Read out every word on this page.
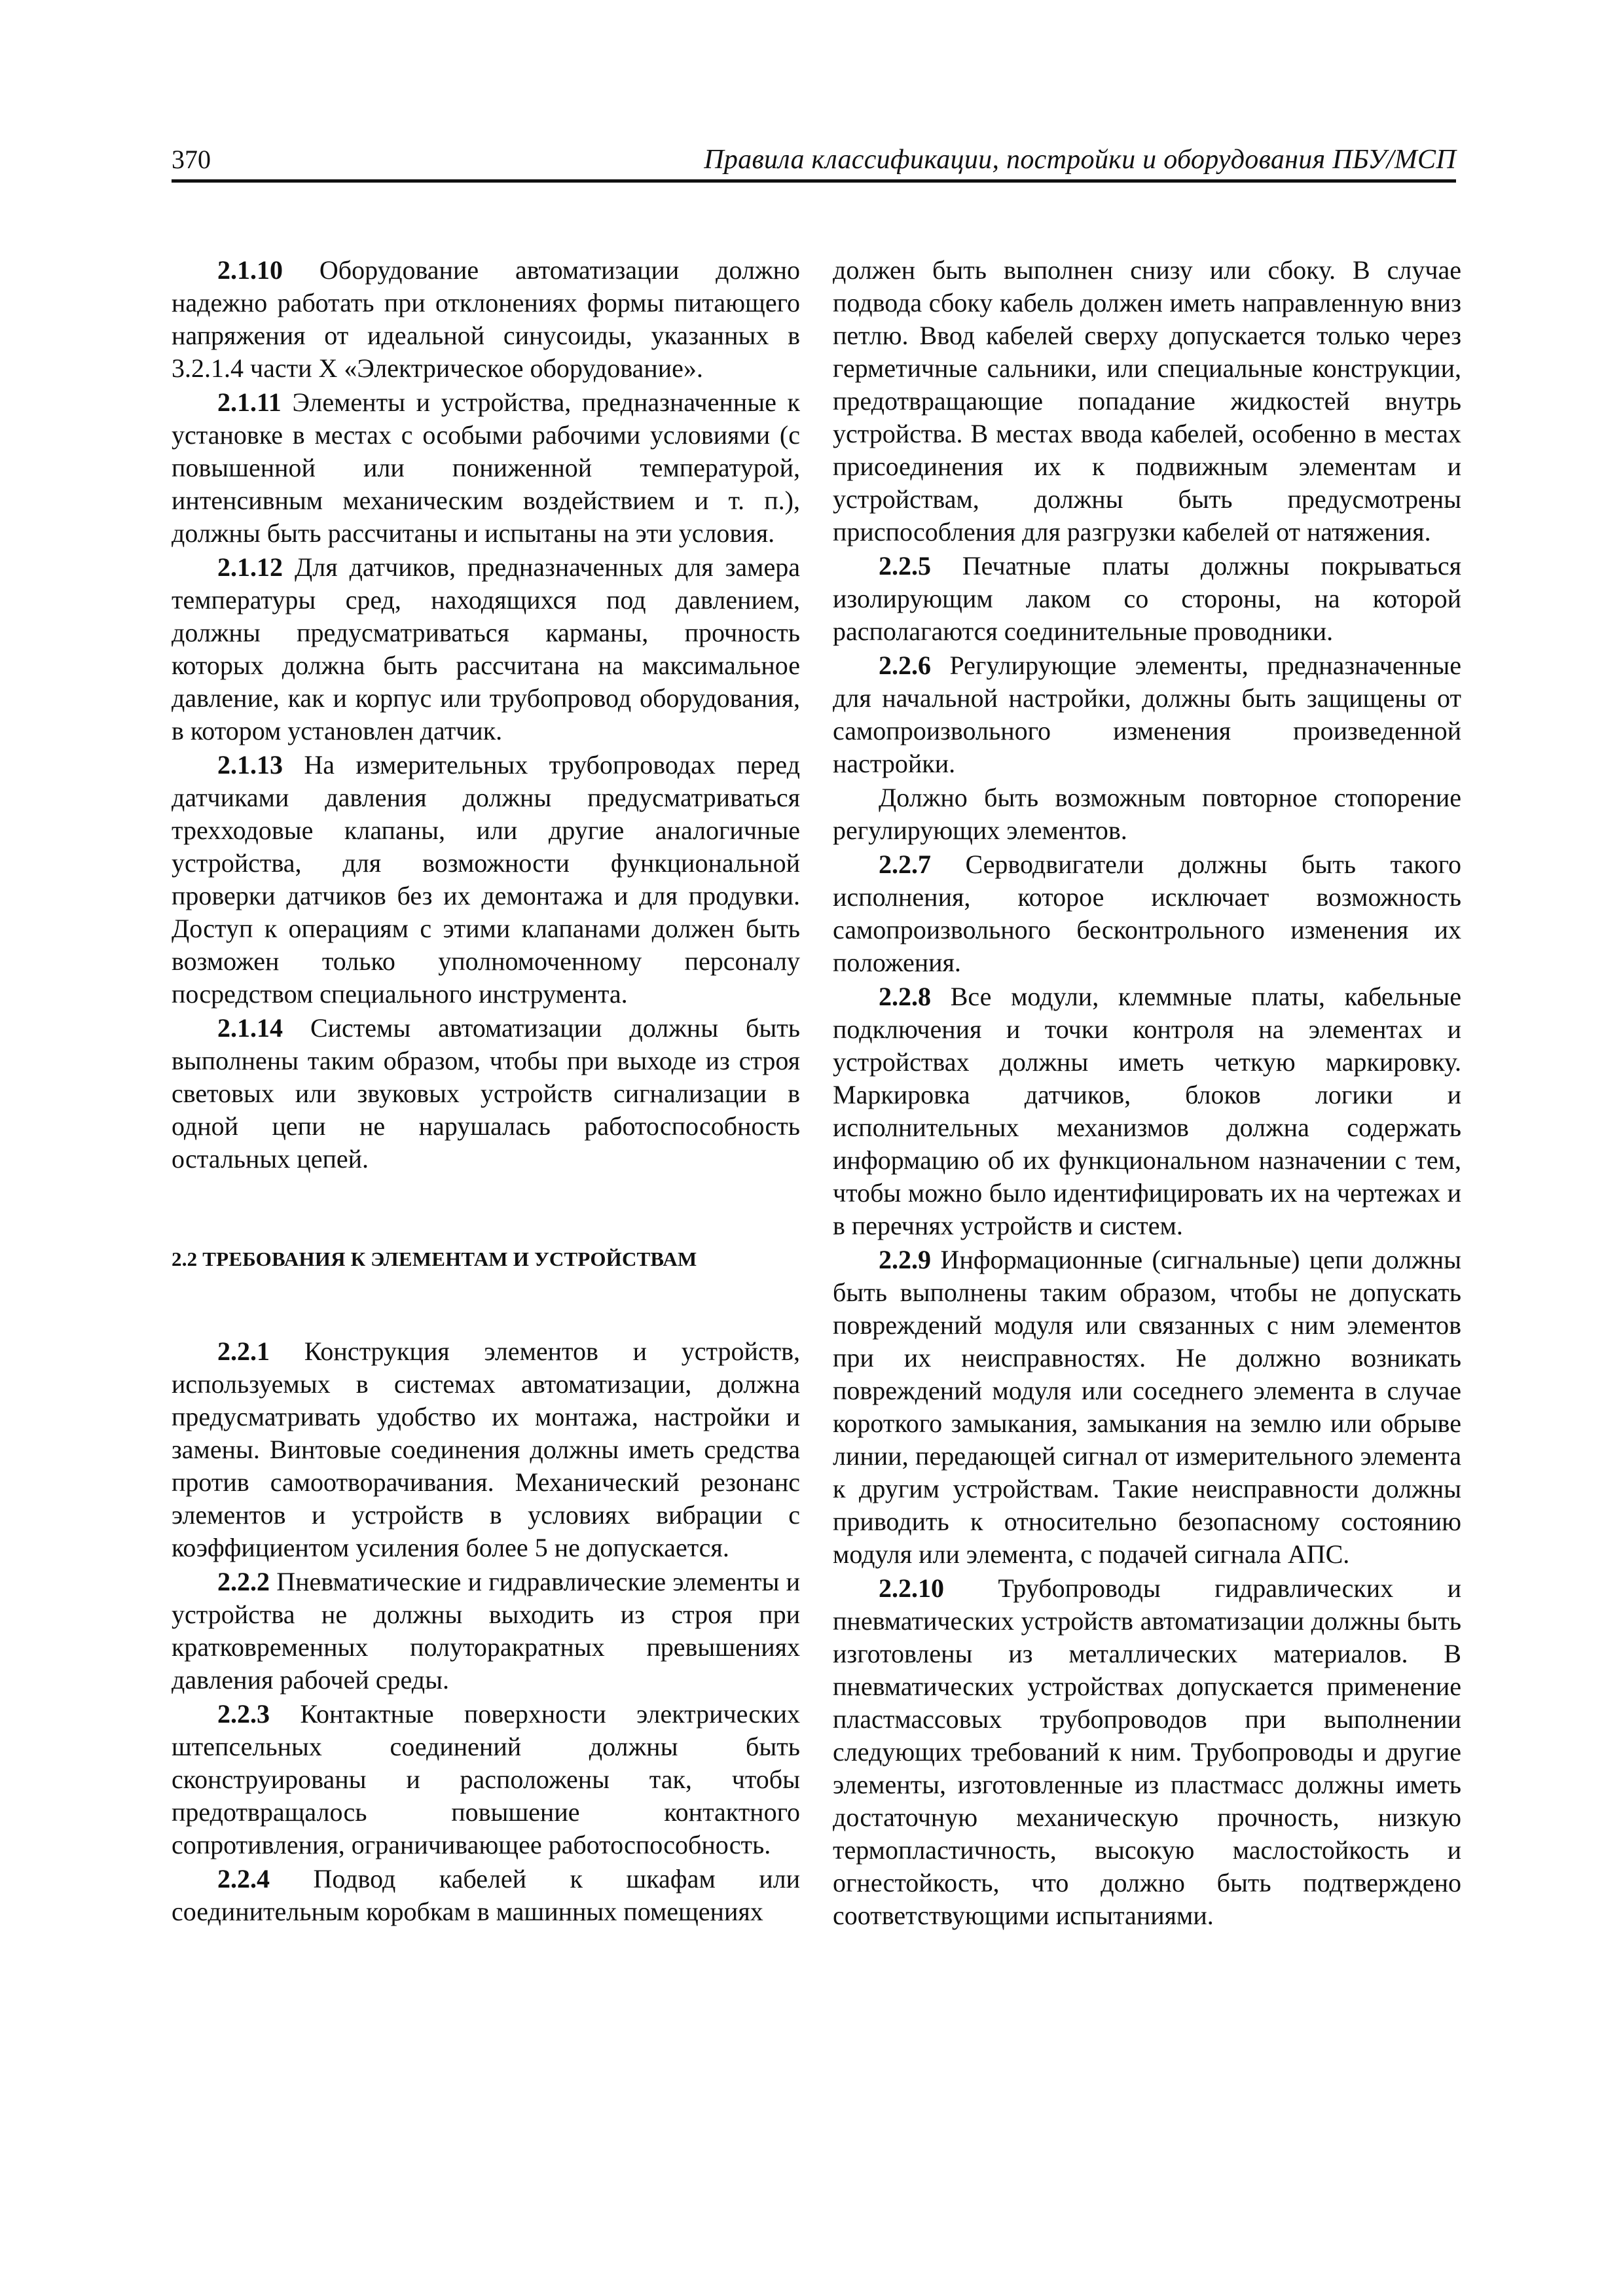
370	Правила классификации, постройки и оборудования ПБУ/МСП

2.1.10 Оборудование автоматизации должно надежно работать при отклонениях формы питающего напряжения от идеальной синусоиды, указанных в 3.2.1.4 части X «Электрическое оборудование».

2.1.11 Элементы и устройства, предназначенные к установке в местах с особыми рабочими условиями (с повышенной или пониженной температурой, интенсивным механическим воздействием и т. п.), должны быть рассчитаны и испытаны на эти условия.

2.1.12 Для датчиков, предназначенных для замера температуры сред, находящихся под давлением, должны предусматриваться карманы, прочность которых должна быть рассчитана на максимальное давление, как и корпус или трубопровод оборудования, в котором установлен датчик.

2.1.13 На измерительных трубопроводах перед датчиками давления должны предусматриваться трехходовые клапаны, или другие аналогичные устройства, для возможности функциональной проверки датчиков без их демонтажа и для продувки. Доступ к операциям с этими клапанами должен быть возможен только уполномоченному персоналу посредством специального инструмента.

2.1.14 Системы автоматизации должны быть выполнены таким образом, чтобы при выходе из строя световых или звуковых устройств сигнализации в одной цепи не нарушалась работоспособность остальных цепей.

2.2 ТРЕБОВАНИЯ К ЭЛЕМЕНТАМ И УСТРОЙСТВАМ

2.2.1 Конструкция элементов и устройств, используемых в системах автоматизации, должна предусматривать удобство их монтажа, настройки и замены. Винтовые соединения должны иметь средства против самоотворачивания. Механический резонанс элементов и устройств в условиях вибрации с коэффициентом усиления более 5 не допускается.

2.2.2 Пневматические и гидравлические элементы и устройства не должны выходить из строя при кратковременных полуторакратных превышениях давления рабочей среды.

2.2.3 Контактные поверхности электрических штепсельных соединений должны быть сконструированы и расположены так, чтобы предотвращалось повышение контактного сопротивления, ограничивающее работоспособность.

2.2.4 Подвод кабелей к шкафам или соединительным коробкам в машинных помещениях

должен быть выполнен снизу или сбоку. В случае подвода сбоку кабель должен иметь направленную вниз петлю. Ввод кабелей сверху допускается только через герметичные сальники, или специальные конструкции, предотвращающие попадание жидкостей внутрь устройства. В местах ввода кабелей, особенно в местах присоединения их к подвижным элементам и устройствам, должны быть предусмотрены приспособления для разгрузки кабелей от натяжения.

2.2.5 Печатные платы должны покрываться изолирующим лаком со стороны, на которой располагаются соединительные проводники.

2.2.6 Регулирующие элементы, предназначенные для начальной настройки, должны быть защищены от самопроизвольного изменения произведенной настройки.

Должно быть возможным повторное стопорение регулирующих элементов.

2.2.7 Серводвигатели должны быть такого исполнения, которое исключает возможность самопроизвольного бесконтрольного изменения их положения.

2.2.8 Все модули, клеммные платы, кабельные подключения и точки контроля на элементах и устройствах должны иметь четкую маркировку. Маркировка датчиков, блоков логики и исполнительных механизмов должна содержать информацию об их функциональном назначении с тем, чтобы можно было идентифицировать их на чертежах и в перечнях устройств и систем.

2.2.9 Информационные (сигнальные) цепи должны быть выполнены таким образом, чтобы не допускать повреждений модуля или связанных с ним элементов при их неисправностях. Не должно возникать повреждений модуля или соседнего элемента в случае короткого замыкания, замыкания на землю или обрыве линии, передающей сигнал от измерительного элемента к другим устройствам. Такие неисправности должны приводить к относительно безопасному состоянию модуля или элемента, с подачей сигнала АПС.

2.2.10 Трубопроводы гидравлических и пневматических устройств автоматизации должны быть изготовлены из металлических материалов. В пневматических устройствах допускается применение пластмассовых трубопроводов при выполнении следующих требований к ним. Трубопроводы и другие элементы, изготовленные из пластмасс должны иметь достаточную механическую прочность, низкую термопластичность, высокую маслостойкость и огнестойкость, что должно быть подтверждено соответствующими испытаниями.
